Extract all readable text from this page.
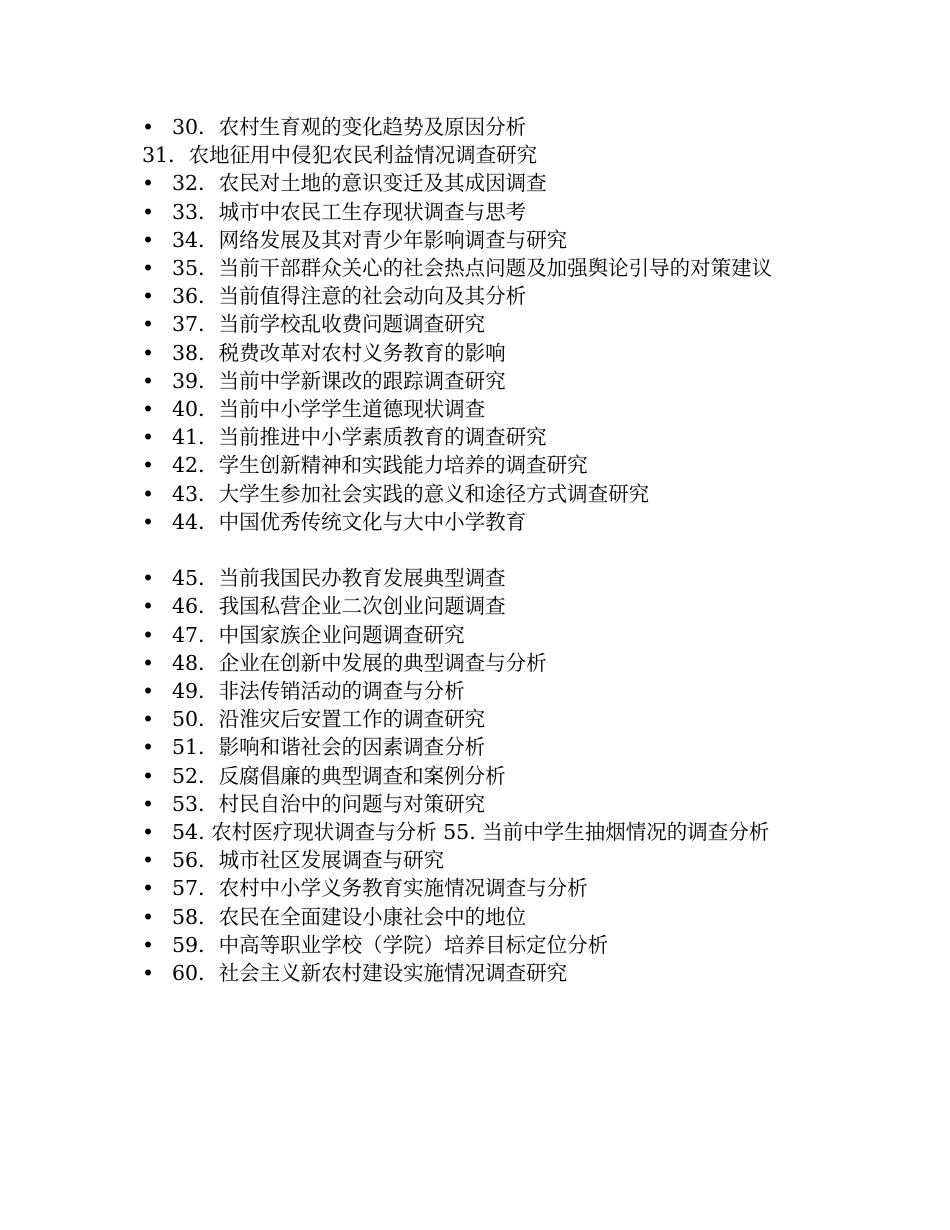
• 30．农村生育观的变化趋势及原因分析
31．农地征用中侵犯农民利益情况调查研究
• 32．农民对土地的意识变迁及其成因调查
• 33．城市中农民工生存现状调查与思考
• 34．网络发展及其对青少年影响调查与研究
• 35．当前干部群众关心的社会热点问题及加强舆论引导的对策建议
• 36．当前值得注意的社会动向及其分析
• 37．当前学校乱收费问题调查研究
• 38．税费改革对农村义务教育的影响
• 39．当前中学新课改的跟踪调查研究
• 40．当前中小学学生道德现状调查
• 41．当前推进中小学素质教育的调查研究
• 42．学生创新精神和实践能力培养的调查研究
• 43．大学生参加社会实践的意义和途径方式调查研究
• 44．中国优秀传统文化与大中小学教育
• 45．当前我国民办教育发展典型调查
• 46．我国私营企业二次创业问题调查
• 47．中国家族企业问题调查研究
• 48．企业在创新中发展的典型调查与分析
• 49．非法传销活动的调查与分析
• 50．沿淮灾后安置工作的调查研究
• 51．影响和谐社会的因素调查分析
• 52．反腐倡廉的典型调查和案例分析
• 53．村民自治中的问题与对策研究
• 54. 农村医疗现状调查与分析 55. 当前中学生抽烟情况的调查分析
• 56．城市社区发展调查与研究
• 57．农村中小学义务教育实施情况调查与分析
• 58．农民在全面建设小康社会中的地位
• 59．中高等职业学校（学院）培养目标定位分析
• 60．社会主义新农村建设实施情况调查研究
